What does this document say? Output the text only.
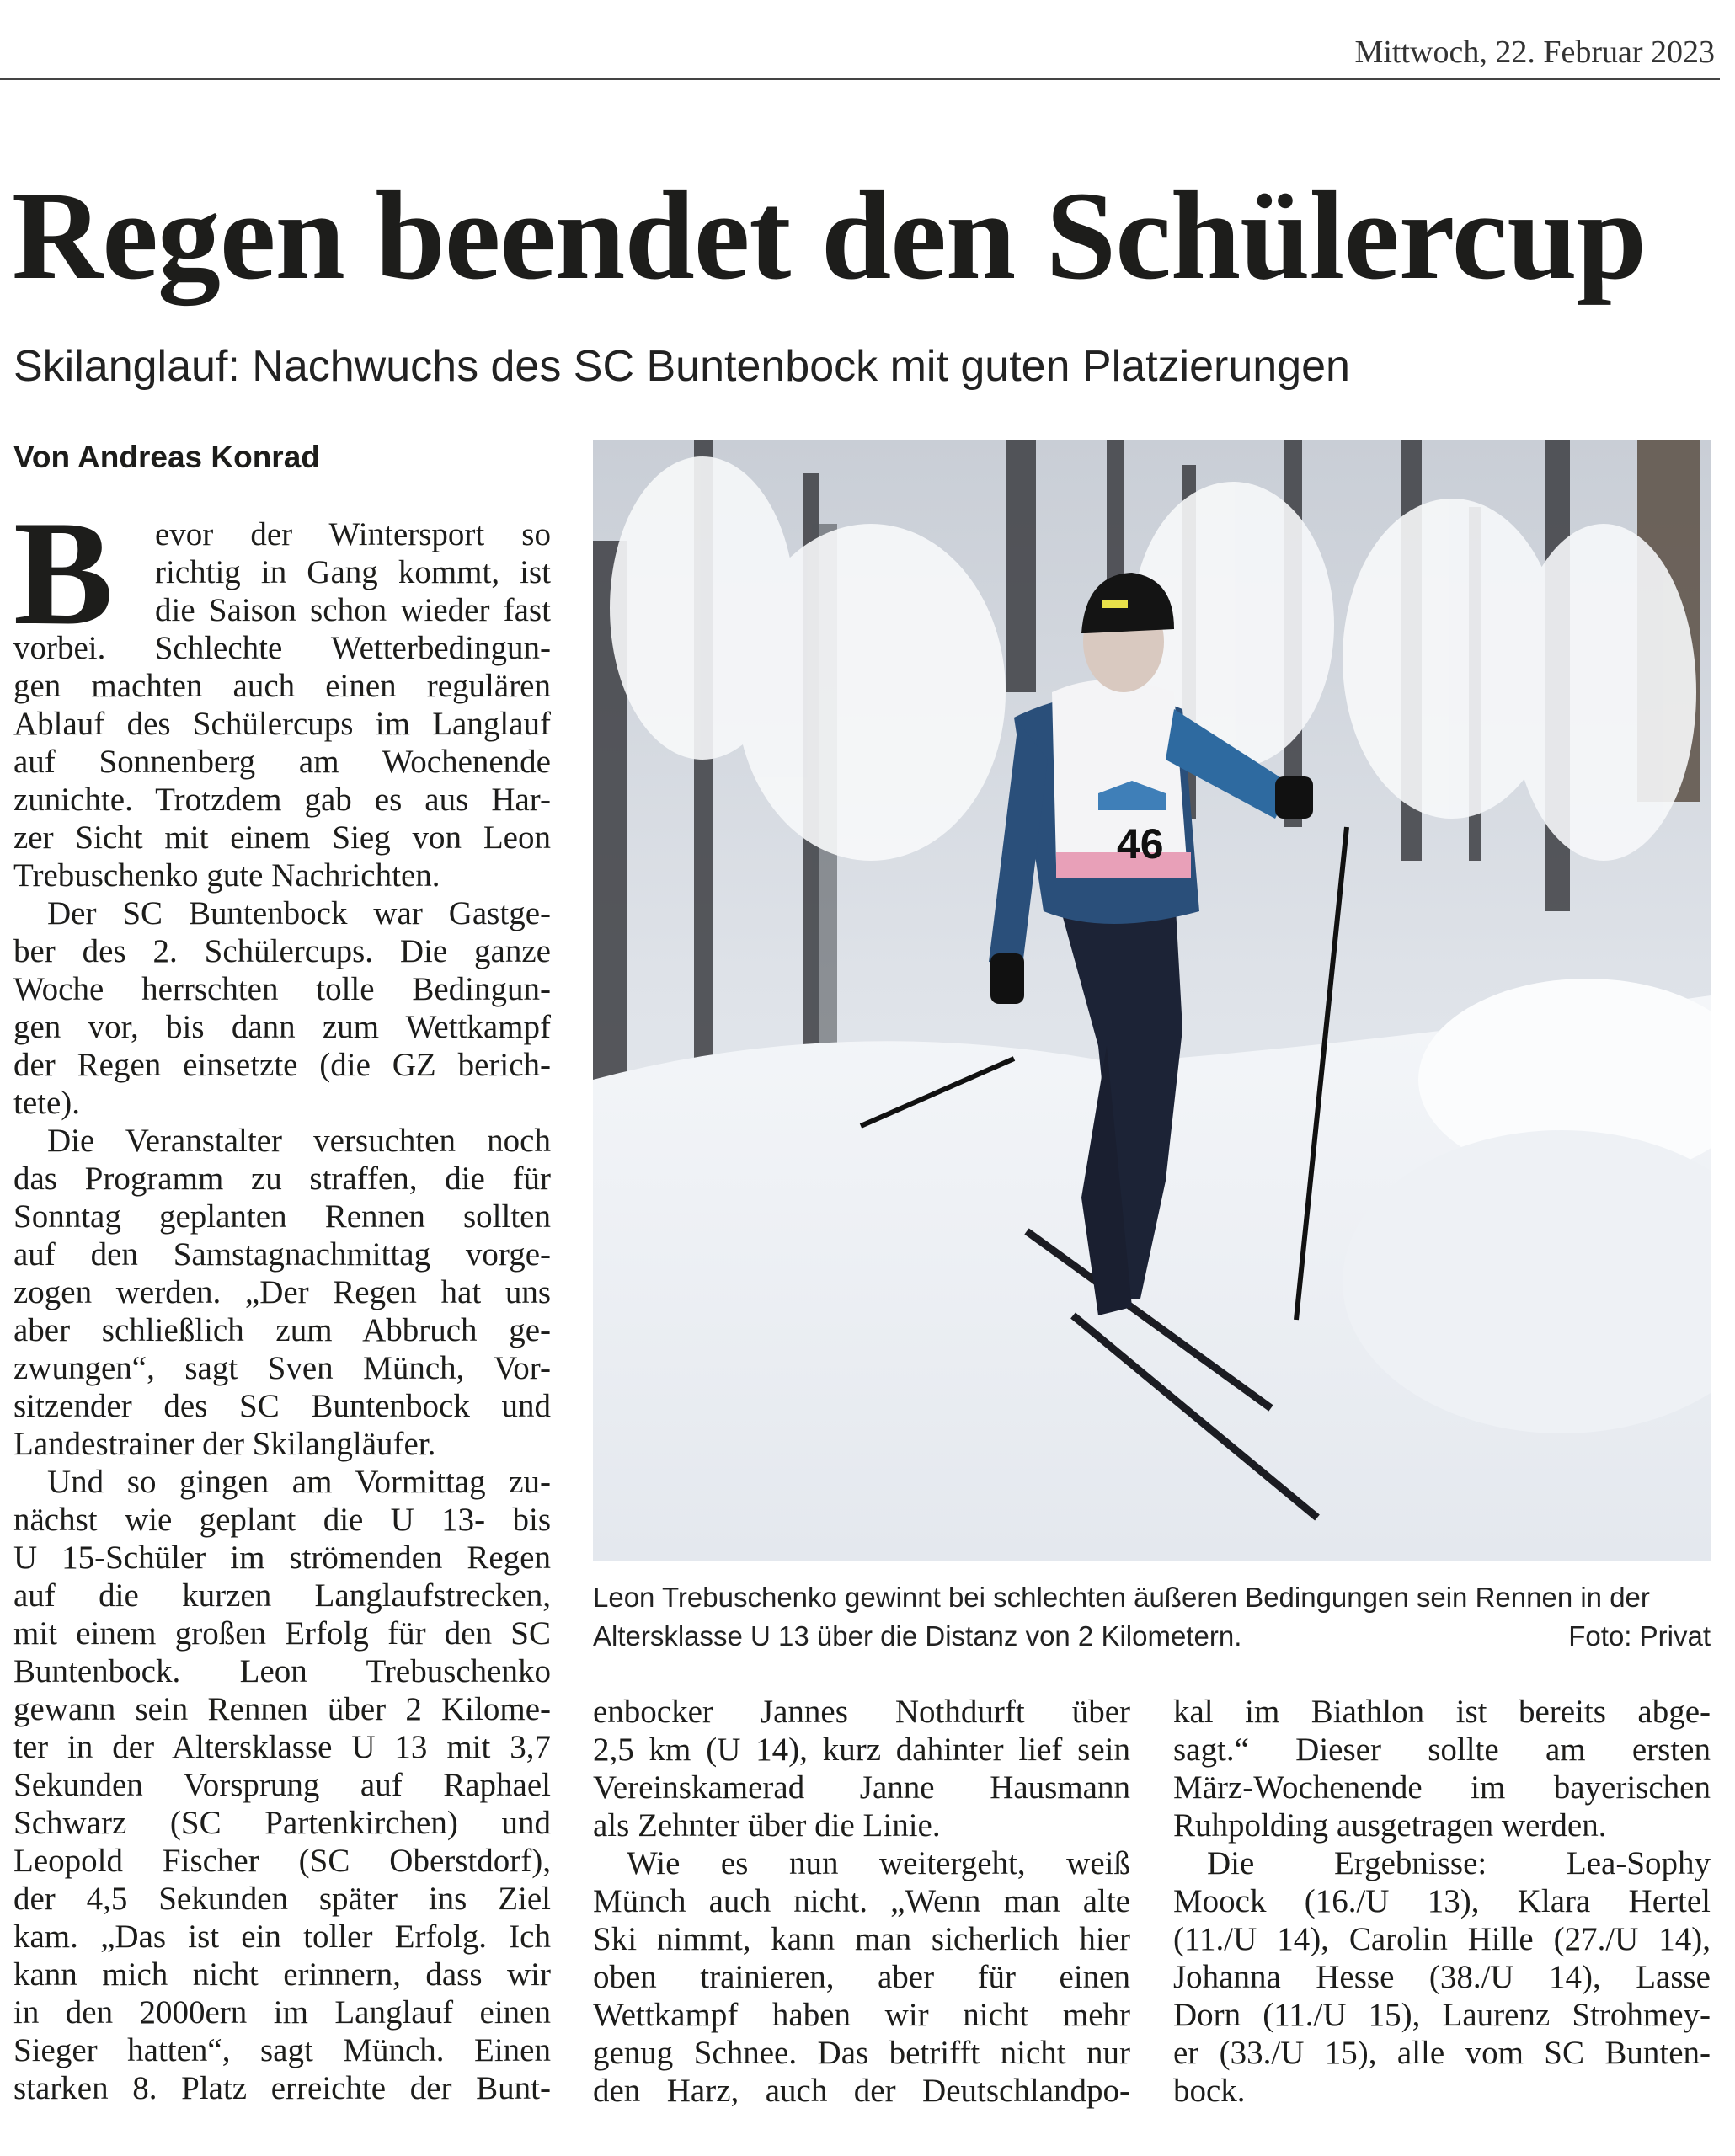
Mittwoch, 22. Februar 2023
Regen beendet den Schülercup
Skilanglauf: Nachwuchs des SC Buntenbock mit guten Platzierungen
Von Andreas Konrad
B	evor der Wintersport so
richtig in Gang kommt, ist
die Saison schon wieder fast
vorbei. Schlechte Wetterbedingun-
gen machten auch einen regulären
Ablauf des Schülercups im Langlauf
auf Sonnenberg am Wochenende
zunichte. Trotzdem gab es aus Har-
zer Sicht mit einem Sieg von Leon
Trebuschenko gute Nachrichten.
Der SC Buntenbock war Gastge-
ber des 2. Schülercups. Die ganze
Woche herrschten tolle Bedingun-
gen vor, bis dann zum Wettkampf
der Regen einsetzte (die GZ berich-
tete).
Die Veranstalter versuchten noch
das Programm zu straffen, die für
Sonntag geplanten Rennen sollten
auf den Samstagnachmittag vorge-
zogen werden. „Der Regen hat uns
aber schließlich zum Abbruch ge-
zwungen“, sagt Sven Münch, Vor-
sitzender des SC Buntenbock und
Landestrainer der Skilangläufer.
Und so gingen am Vormittag zu-
nächst wie geplant die U 13- bis
U 15-Schüler im strömenden Regen
auf die kurzen Langlaufstrecken,
mit einem großen Erfolg für den SC
Buntenbock. Leon Trebuschenko
gewann sein Rennen über 2 Kilome-
ter in der Altersklasse U 13 mit 3,7
Sekunden Vorsprung auf Raphael
Schwarz (SC Partenkirchen) und
Leopold Fischer (SC Oberstdorf),
der 4,5 Sekunden später ins Ziel
kam. „Das ist ein toller Erfolg. Ich
kann mich nicht erinnern, dass wir
in den 2000ern im Langlauf einen
Sieger hatten“, sagt Münch. Einen
starken 8. Platz erreichte der Bunt-
enbocker Jannes Nothdurft über
2,5 km (U 14), kurz dahinter lief sein
Vereinskamerad Janne Hausmann
als Zehnter über die Linie.
Wie es nun weitergeht, weiß
Münch auch nicht. „Wenn man alte
Ski nimmt, kann man sicherlich hier
oben trainieren, aber für einen
Wettkampf haben wir nicht mehr
genug Schnee. Das betrifft nicht nur
den Harz, auch der Deutschlandpo-
kal im Biathlon ist bereits abge-
sagt.“ Dieser sollte am ersten
März-Wochenende im bayerischen
Ruhpolding ausgetragen werden.
Die Ergebnisse: Lea-Sophy
Moock (16./U 13), Klara Hertel
(11./U 14), Carolin Hille (27./U 14),
Johanna Hesse (38./U 14), Lasse
Dorn (11./U 15), Laurenz Strohmey-
er (33./U 15), alle vom SC Bunten-
bock.
46
Leon Trebuschenko gewinnt bei schlechten äußeren Bedingungen sein Rennen in der Altersklasse U 13 über die Distanz von 2 Kilometern.	Foto: Privat
